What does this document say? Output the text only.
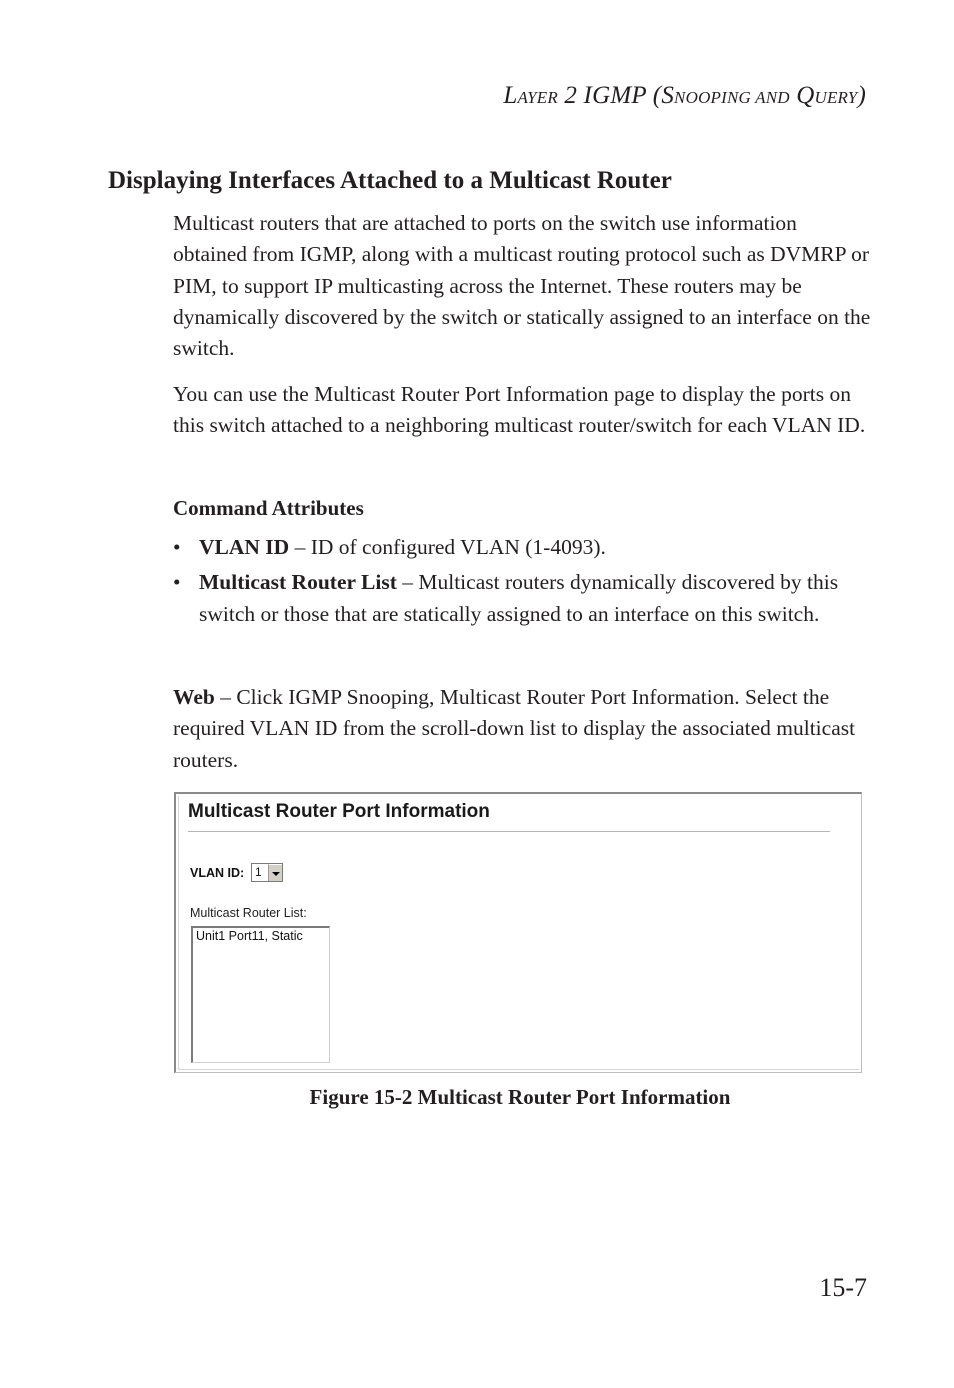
LAYER 2 IGMP (SNOOPING AND QUERY)
Displaying Interfaces Attached to a Multicast Router

Multicast routers that are attached to ports on the switch use information obtained from IGMP, along with a multicast routing protocol such as DVMRP or PIM, to support IP multicasting across the Internet. These routers may be dynamically discovered by the switch or statically assigned to an interface on the switch.

You can use the Multicast Router Port Information page to display the ports on this switch attached to a neighboring multicast router/switch for each VLAN ID.

Command Attributes
• VLAN ID – ID of configured VLAN (1-4093).
• Multicast Router List – Multicast routers dynamically discovered by this switch or those that are statically assigned to an interface on this switch.

Web – Click IGMP Snooping, Multicast Router Port Information. Select the required VLAN ID from the scroll-down list to display the associated multicast routers.

Multicast Router Port Information
VLAN ID: 1
Multicast Router List:
Unit1 Port11, Static
Figure 15-2 Multicast Router Port Information
15-7
